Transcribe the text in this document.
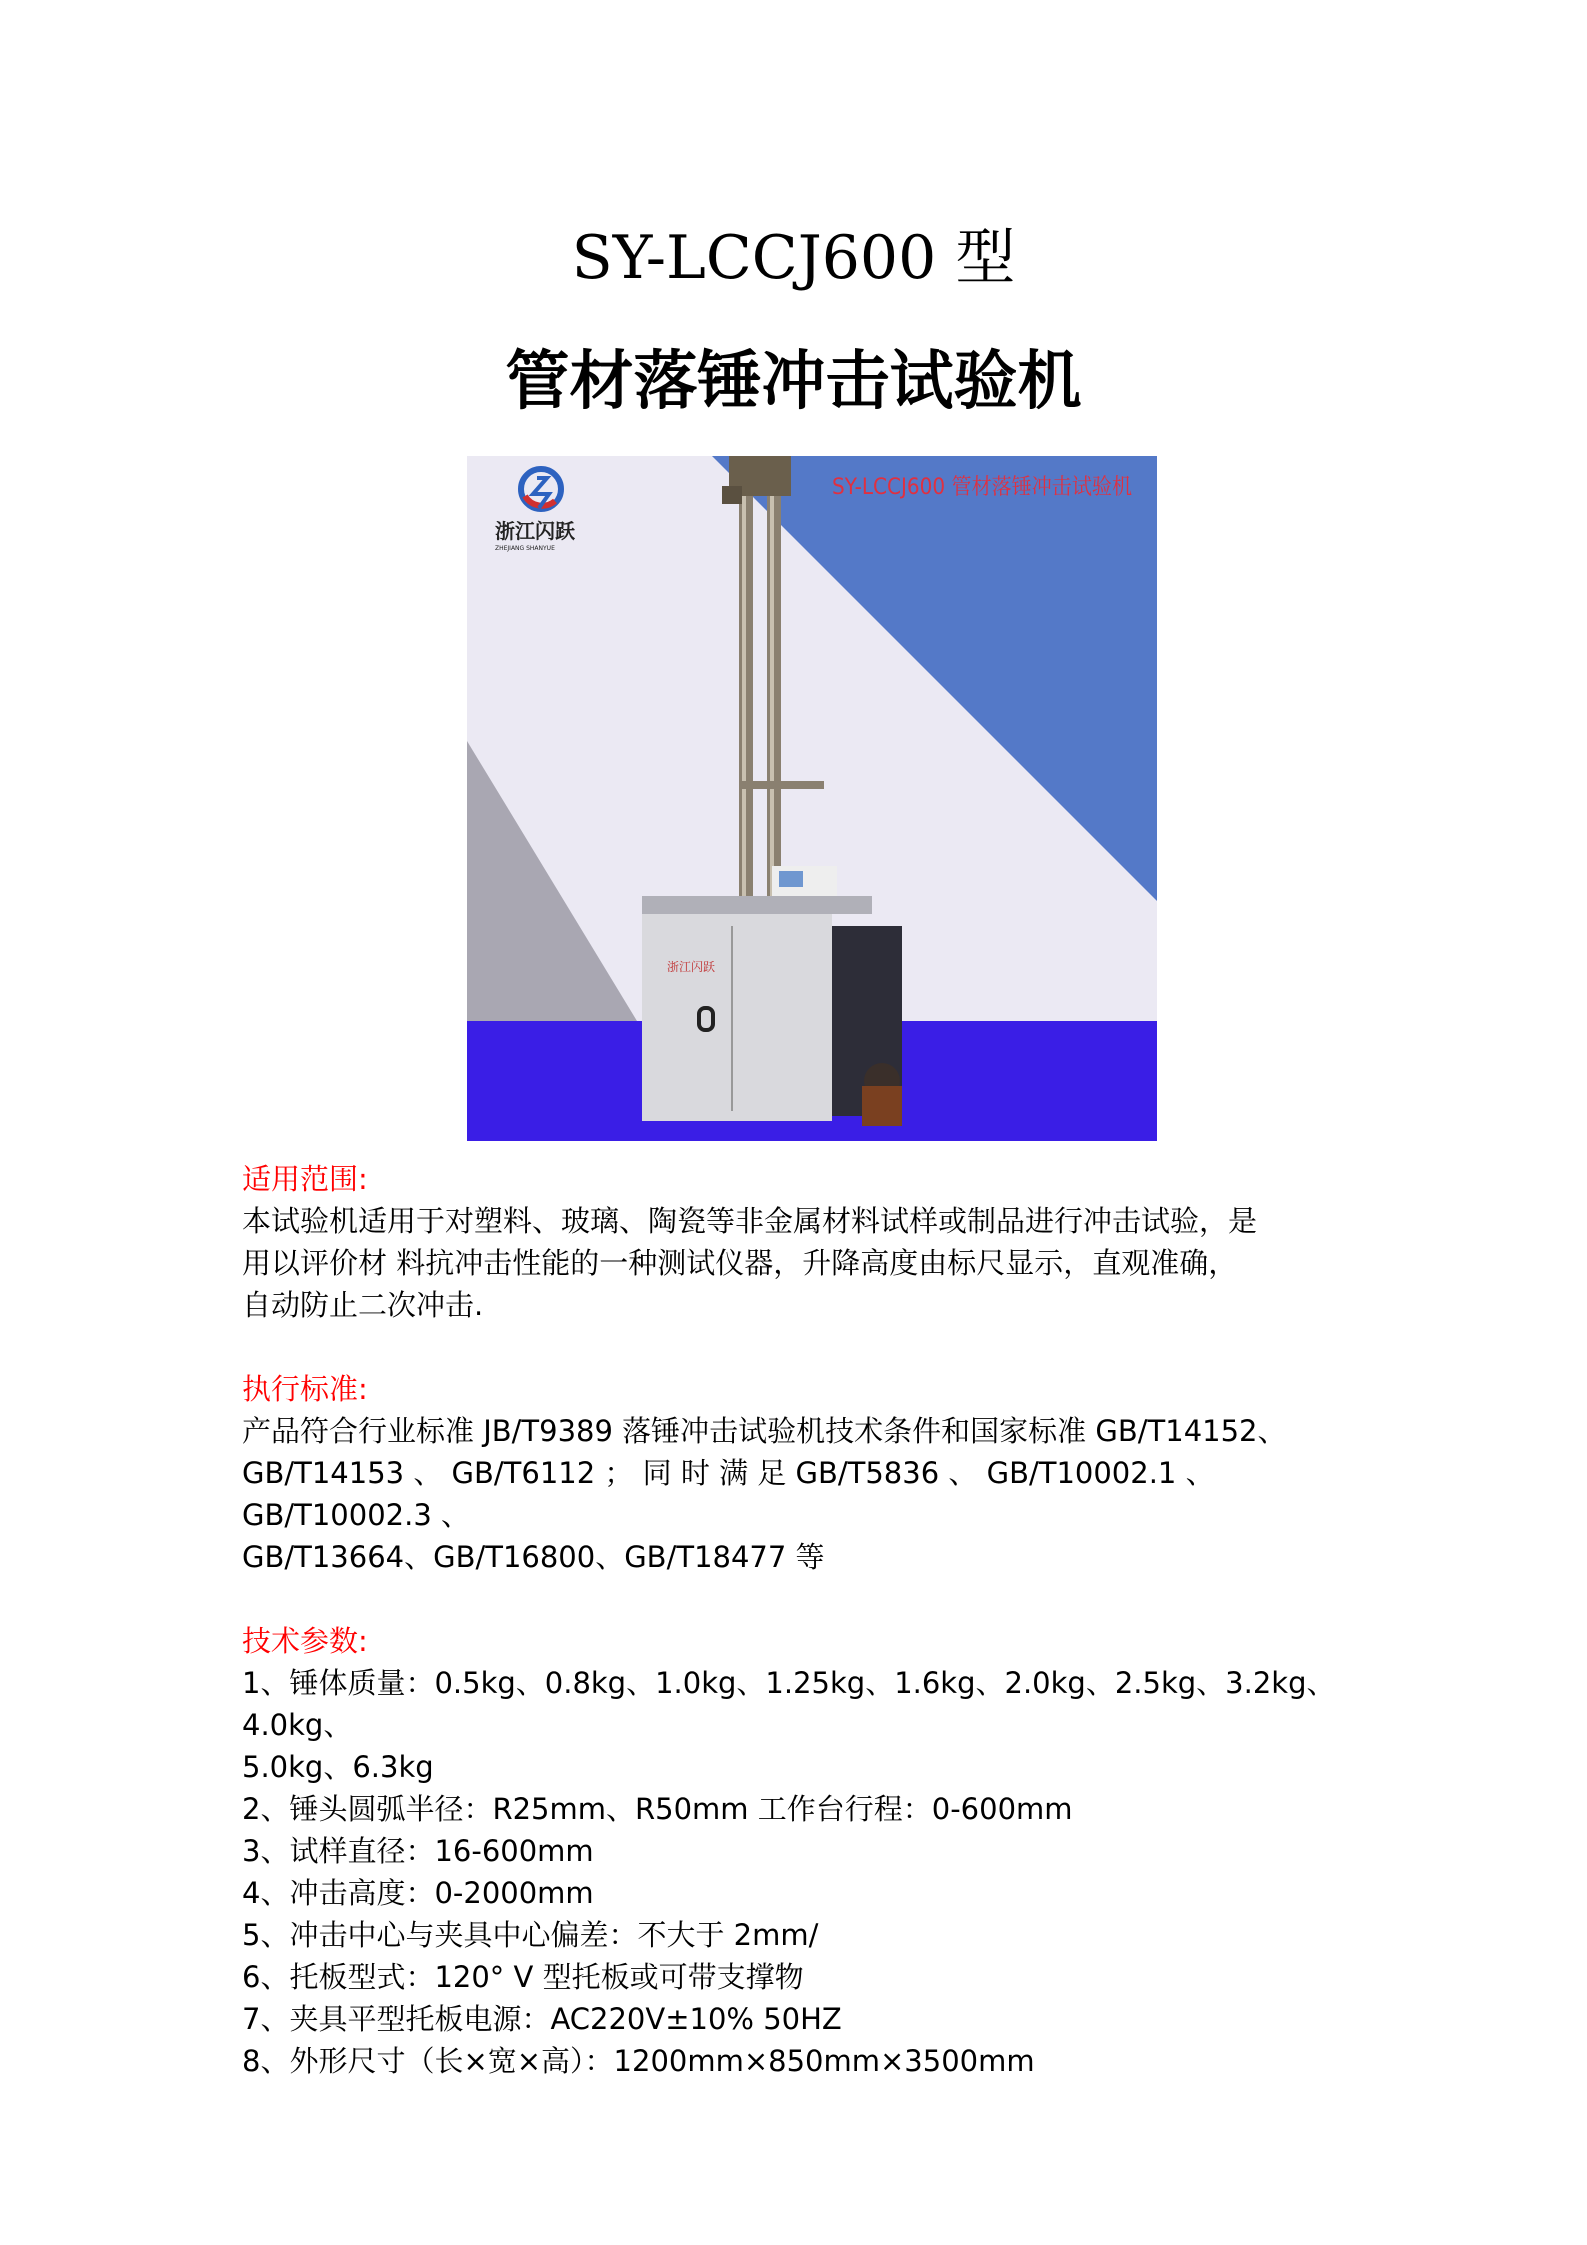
SY-LCCJ600 型
管材落锤冲击试验机
浙江闪跃
浙江闪跃
ZHEJIANG SHANYUE
SY-LCCJ600 管材落锤冲击试验机

适用范围:

本试验机适用于对塑料、玻璃、陶瓷等非金属材料试样或制品进行冲击试验，是

用以评价材 料抗冲击性能的一种测试仪器，升降高度由标尺显示，直观准确，

自动防止二次冲击.

执行标准:

产品符合行业标准 JB/T9389 落锤冲击试验机技术条件和国家标准 GB/T14152、

GB/T14153 、 GB/T6112 ； 同 时 满 足 GB/T5836 、 GB/T10002.1 、 GB/T10002.3 、

GB/T13664、GB/T16800、GB/T18477 等

技术参数:

1、锤体质量：0.5kg、0.8kg、1.0kg、1.25kg、1.6kg、2.0kg、2.5kg、3.2kg、4.0kg、

5.0kg、6.3kg

2、锤头圆弧半径：R25mm、R50mm 工作台行程：0-600mm

3、试样直径：16-600mm

4、冲击高度：0-2000mm

5、冲击中心与夹具中心偏差：不大于 2mm/

6、托板型式：120° V 型托板或可带支撑物

7、夹具平型托板电源：AC220V±10% 50HZ

8、外形尺寸（长×宽×高）：1200mm×850mm×3500mm
